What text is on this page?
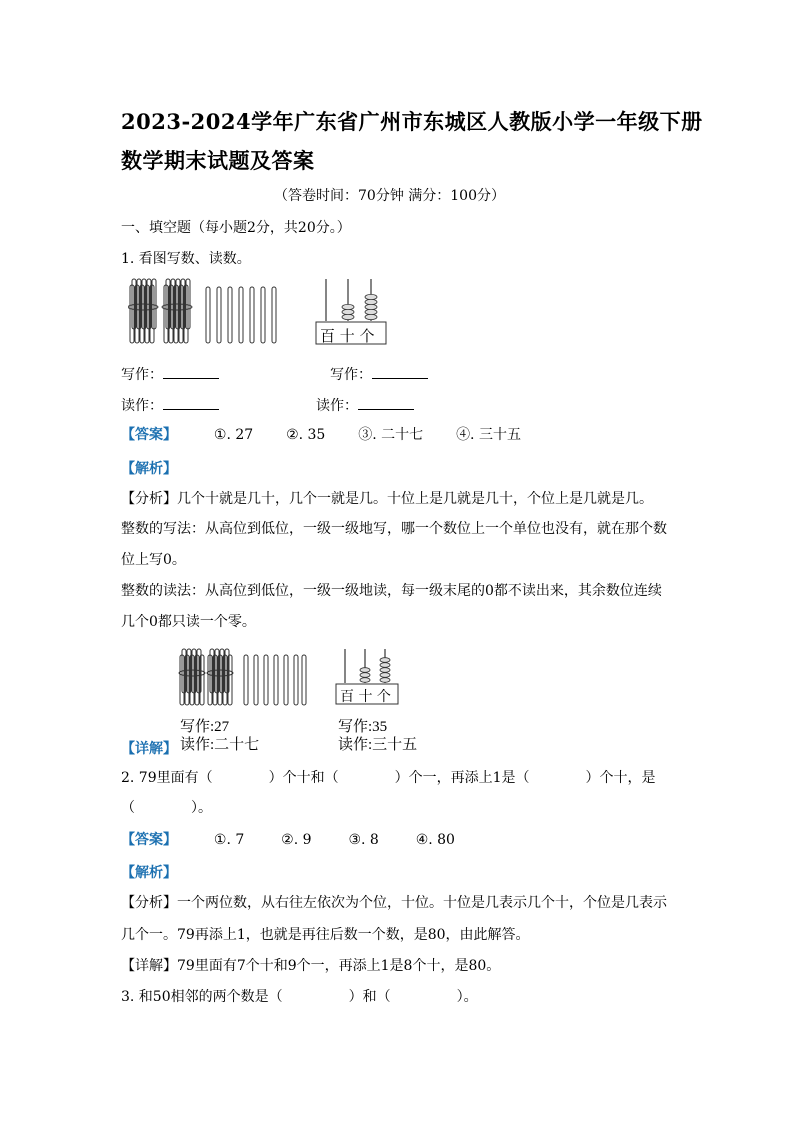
2023-2024学年广东省广州市东城区人教版小学一年级下册
数学期末试题及答案
（答卷时间：70分钟 满分：100分）
一、填空题（每小题2分，共20分。）
1. 看图写数、读数。
百 十 个
写作：	写作：
读作：	读作：
【答案】	①. 27 ②. 35 ③. 二十七 ④. 三十五
【解析】
【分析】几个十就是几十，几个一就是几。十位上是几就是几十，个位上是几就是几。
整数的写法：从高位到低位，一级一级地写，哪一个数位上一个单位也没有，就在那个数
位上写0。
整数的读法：从高位到低位，一级一级地读，每一级末尾的0都不读出来，其余数位连续
几个0都只读一个零。
百 十 个
写作:27	写作:35
【详解】 读作:二十七	读作:三十五
2. 79里面有（	）个十和（	）个一，再添上1是（	）个十，是
（	）。
【答案】	①. 7	②. 9	③. 8	④. 80
【解析】
【分析】一个两位数，从右往左依次为个位，十位。十位是几表示几个十，个位是几表示
几个一。79再添上1，也就是再往后数一个数，是80，由此解答。
【详解】79里面有7个十和9个一，再添上1是8个十，是80。
3. 和50相邻的两个数是（	）和（	）。
